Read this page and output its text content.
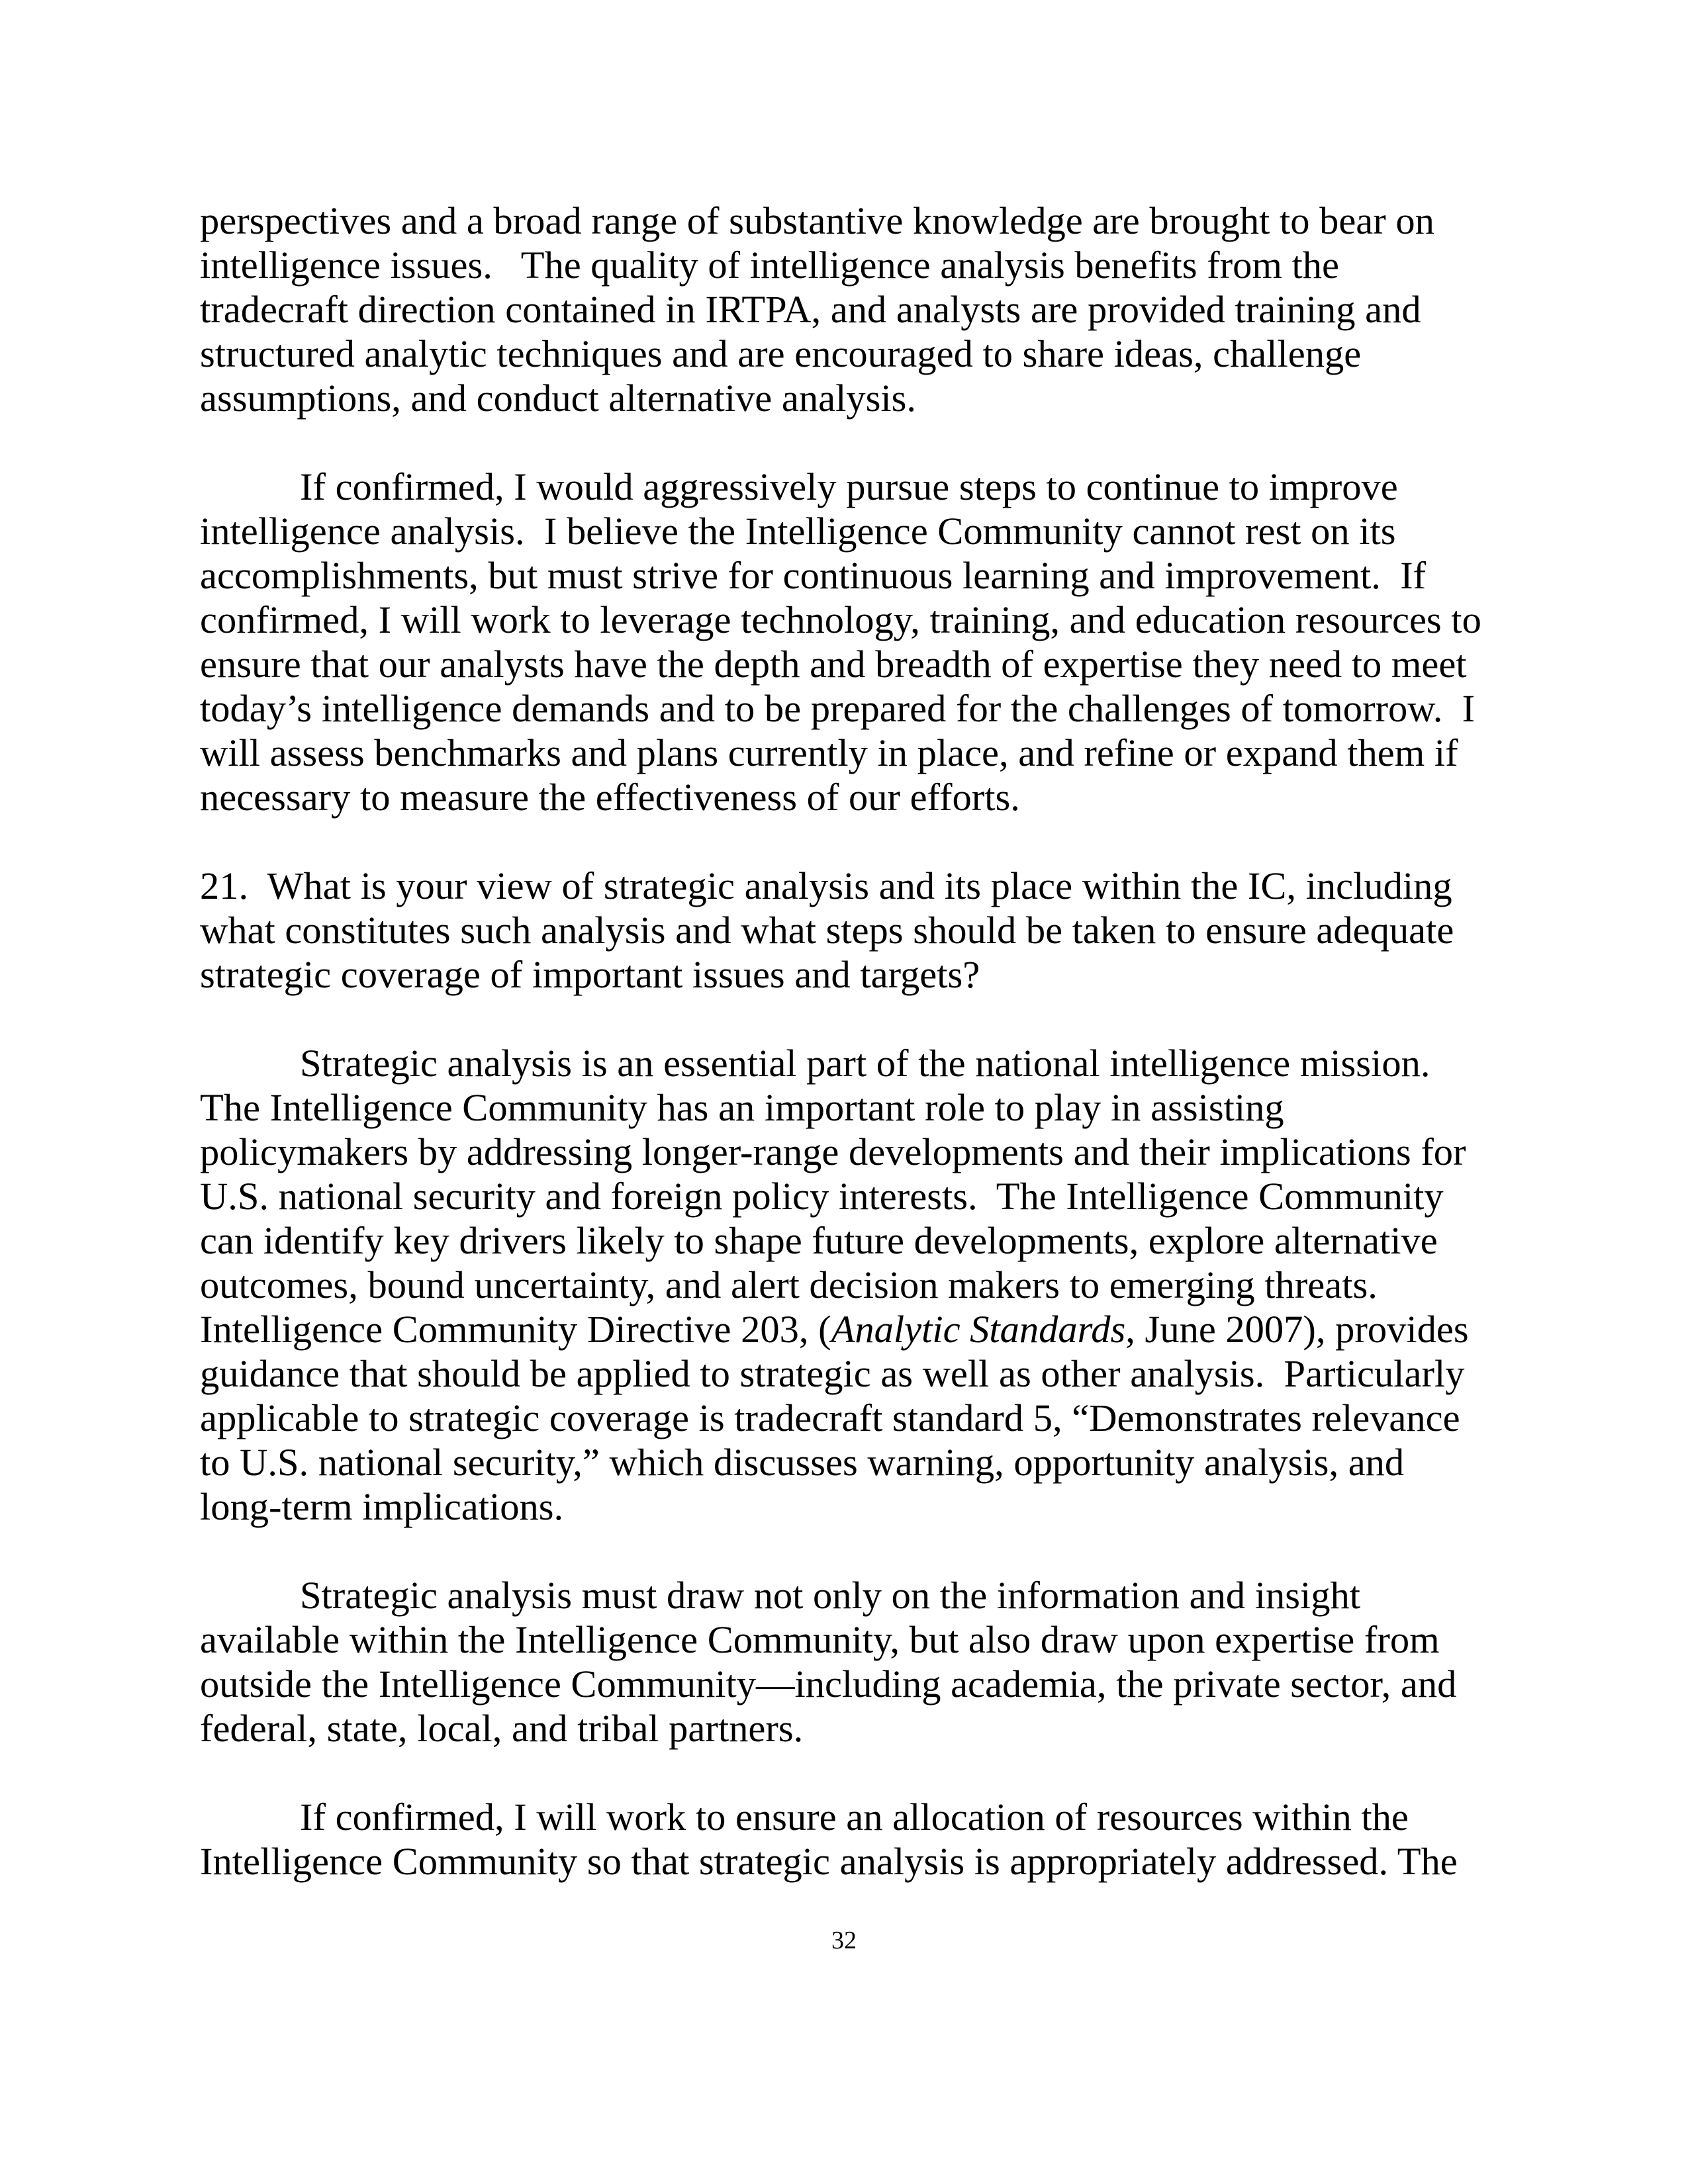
perspectives and a broad range of substantive knowledge are brought to bear on
intelligence issues.   The quality of intelligence analysis benefits from the
tradecraft direction contained in IRTPA, and analysts are provided training and
structured analytic techniques and are encouraged to share ideas, challenge
assumptions, and conduct alternative analysis.
If confirmed, I would aggressively pursue steps to continue to improve
intelligence analysis.  I believe the Intelligence Community cannot rest on its
accomplishments, but must strive for continuous learning and improvement.  If
confirmed, I will work to leverage technology, training, and education resources to
ensure that our analysts have the depth and breadth of expertise they need to meet
today’s intelligence demands and to be prepared for the challenges of tomorrow.  I
will assess benchmarks and plans currently in place, and refine or expand them if
necessary to measure the effectiveness of our efforts.
21.  What is your view of strategic analysis and its place within the IC, including
what constitutes such analysis and what steps should be taken to ensure adequate
strategic coverage of important issues and targets?
Strategic analysis is an essential part of the national intelligence mission.
The Intelligence Community has an important role to play in assisting
policymakers by addressing longer-range developments and their implications for
U.S. national security and foreign policy interests.  The Intelligence Community
can identify key drivers likely to shape future developments, explore alternative
outcomes, bound uncertainty, and alert decision makers to emerging threats.
Intelligence Community Directive 203, (Analytic Standards, June 2007), provides
guidance that should be applied to strategic as well as other analysis.  Particularly
applicable to strategic coverage is tradecraft standard 5, “Demonstrates relevance
to U.S. national security,” which discusses warning, opportunity analysis, and
long-term implications.
Strategic analysis must draw not only on the information and insight
available within the Intelligence Community, but also draw upon expertise from
outside the Intelligence Community—including academia, the private sector, and
federal, state, local, and tribal partners.
If confirmed, I will work to ensure an allocation of resources within the
Intelligence Community so that strategic analysis is appropriately addressed. The
32
